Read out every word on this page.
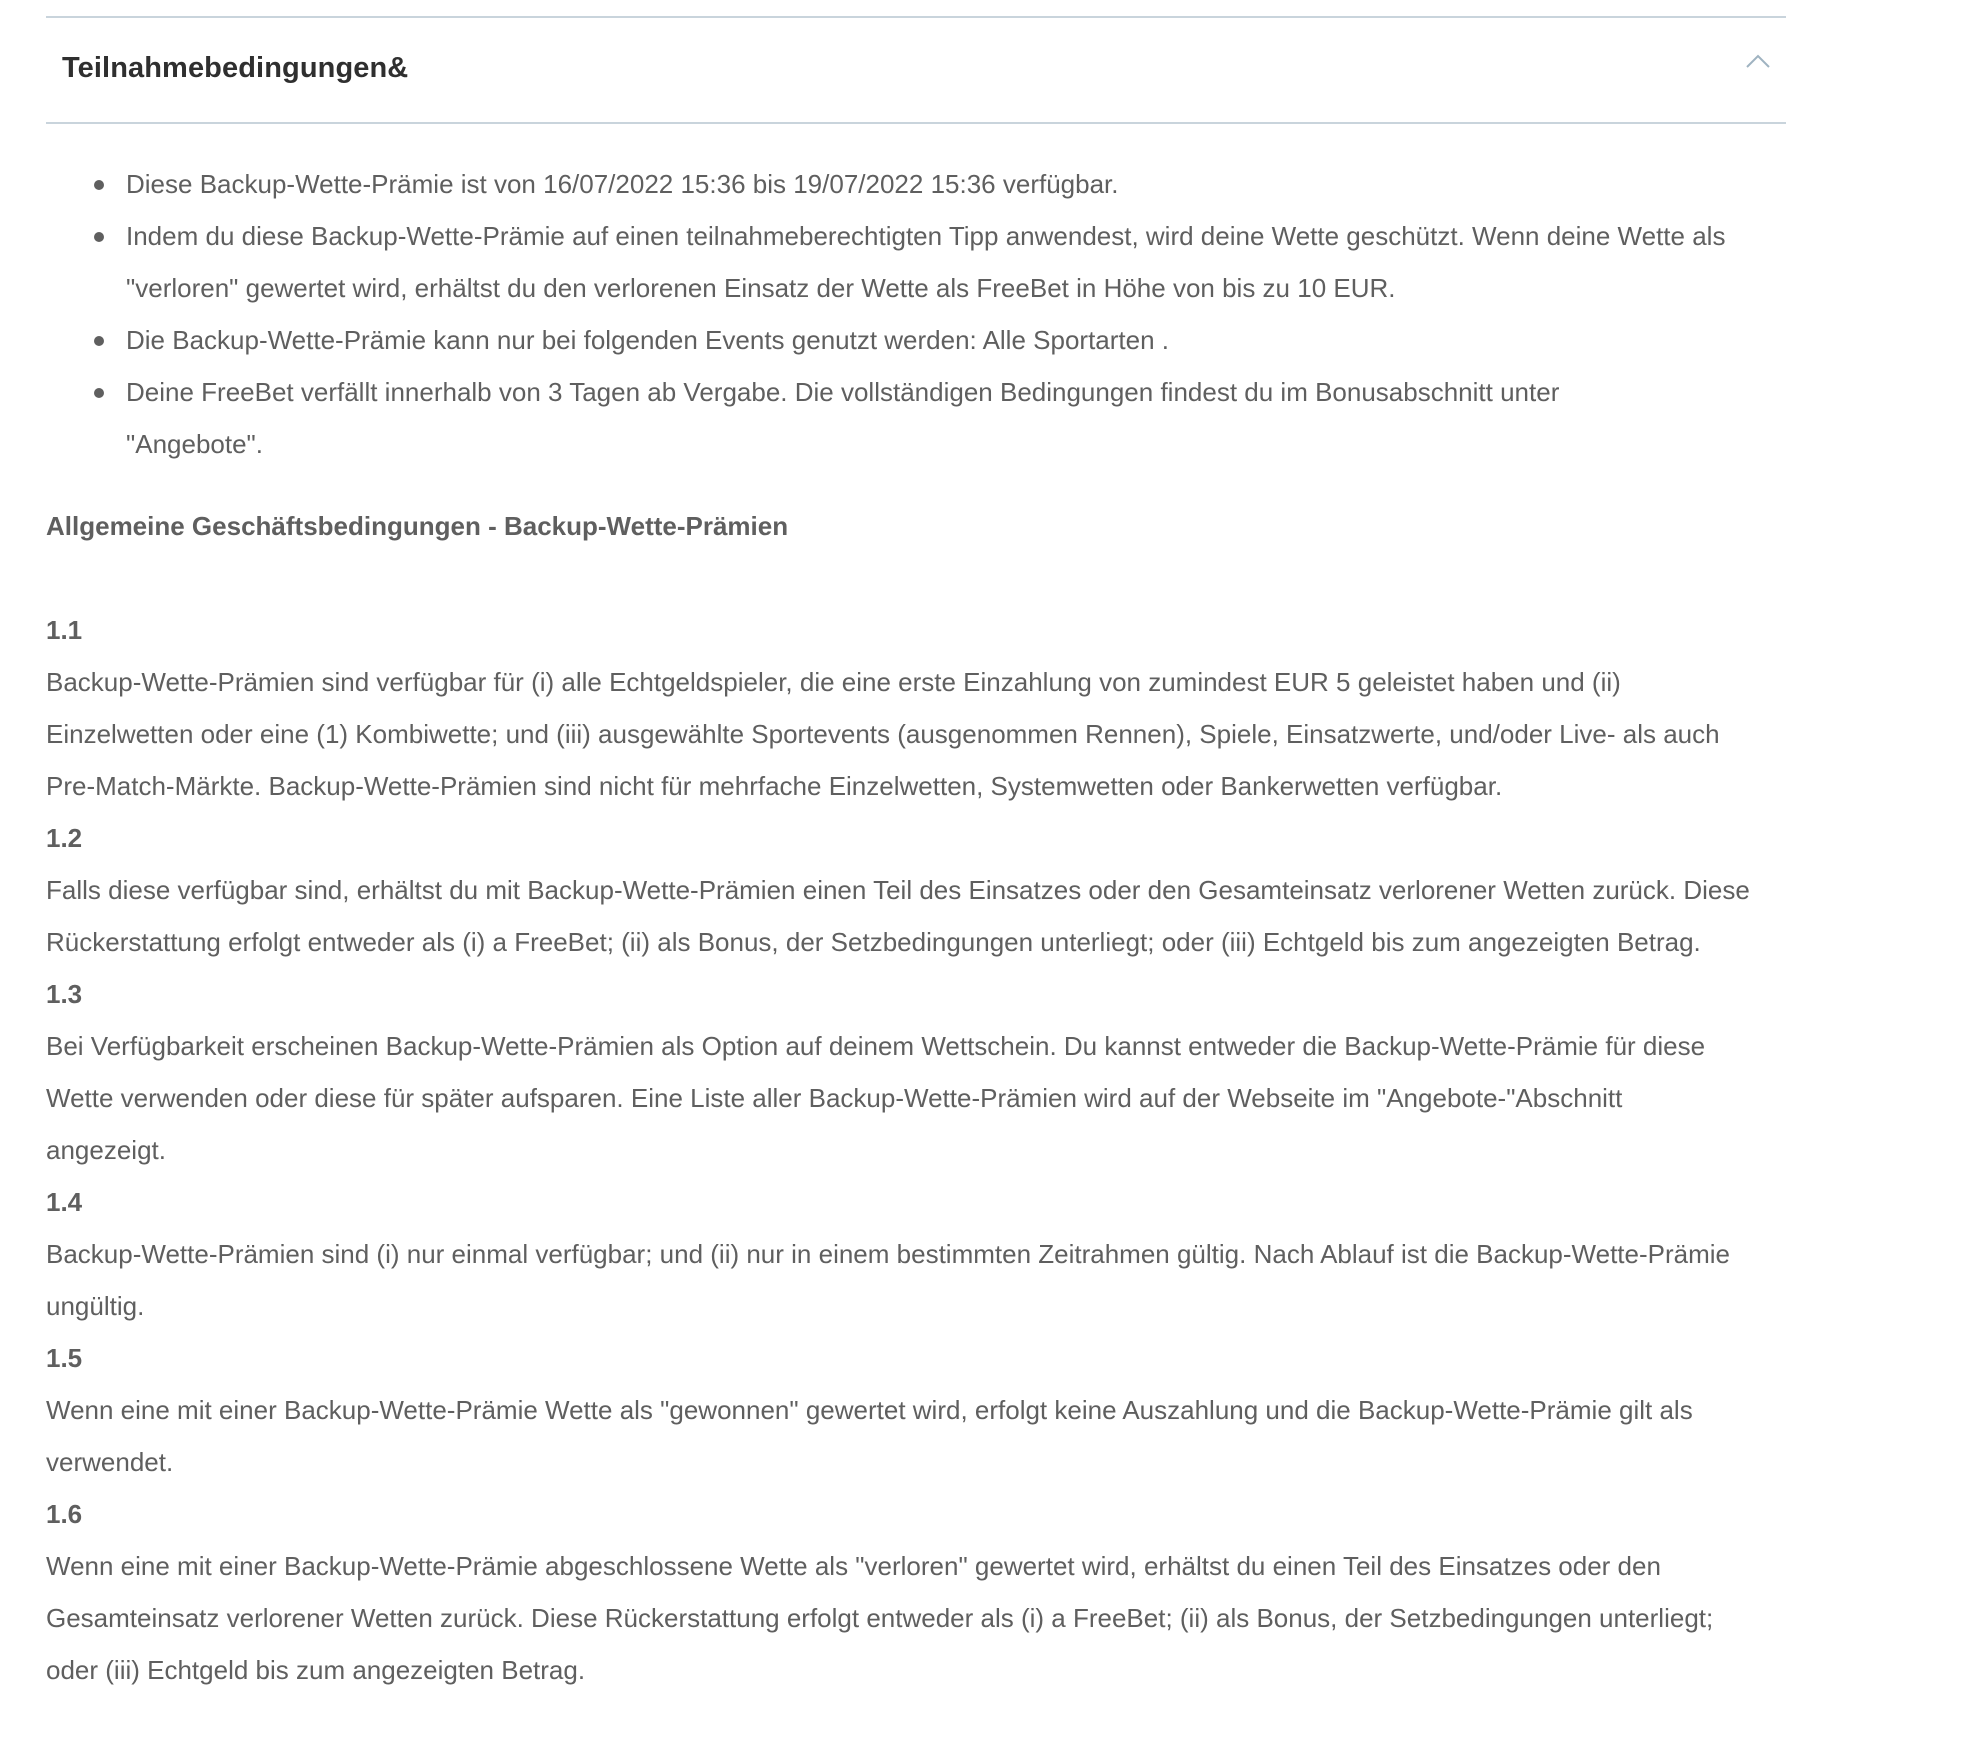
Teilnahmebedingungen&
Diese Backup-Wette-Prämie ist von 16/07/2022 15:36 bis 19/07/2022 15:36 verfügbar.
Indem du diese Backup-Wette-Prämie auf einen teilnahmeberechtigten Tipp anwendest, wird deine Wette geschützt. Wenn deine Wette als "verloren" gewertet wird, erhältst du den verlorenen Einsatz der Wette als FreeBet in Höhe von bis zu 10 EUR.
Die Backup-Wette-Prämie kann nur bei folgenden Events genutzt werden: Alle Sportarten .
Deine FreeBet verfällt innerhalb von 3 Tagen ab Vergabe. Die vollständigen Bedingungen findest du im Bonusabschnitt unter "Angebote".
Allgemeine Geschäftsbedingungen - Backup-Wette-Prämien
1.1
Backup-Wette-Prämien sind verfügbar für (i) alle Echtgeldspieler, die eine erste Einzahlung von zumindest EUR 5 geleistet haben und (ii) Einzelwetten oder eine (1) Kombiwette; und (iii) ausgewählte Sportevents (ausgenommen Rennen), Spiele, Einsatzwerte, und/oder Live- als auch Pre-Match-Märkte. Backup-Wette-Prämien sind nicht für mehrfache Einzelwetten, Systemwetten oder Bankerwetten verfügbar.
1.2
Falls diese verfügbar sind, erhältst du mit Backup-Wette-Prämien einen Teil des Einsatzes oder den Gesamteinsatz verlorener Wetten zurück. Diese Rückerstattung erfolgt entweder als (i) a FreeBet; (ii) als Bonus, der Setzbedingungen unterliegt; oder (iii) Echtgeld bis zum angezeigten Betrag.
1.3
Bei Verfügbarkeit erscheinen Backup-Wette-Prämien als Option auf deinem Wettschein. Du kannst entweder die Backup-Wette-Prämie für diese Wette verwenden oder diese für später aufsparen. Eine Liste aller Backup-Wette-Prämien wird auf der Webseite im "Angebote-"Abschnitt angezeigt.
1.4
Backup-Wette-Prämien sind (i) nur einmal verfügbar; und (ii) nur in einem bestimmten Zeitrahmen gültig. Nach Ablauf ist die Backup-Wette-Prämie ungültig.
1.5
Wenn eine mit einer Backup-Wette-Prämie Wette als "gewonnen" gewertet wird, erfolgt keine Auszahlung und die Backup-Wette-Prämie gilt als verwendet.
1.6
Wenn eine mit einer Backup-Wette-Prämie abgeschlossene Wette als "verloren" gewertet wird, erhältst du einen Teil des Einsatzes oder den Gesamteinsatz verlorener Wetten zurück. Diese Rückerstattung erfolgt entweder als (i) a FreeBet; (ii) als Bonus, der Setzbedingungen unterliegt; oder (iii) Echtgeld bis zum angezeigten Betrag.
